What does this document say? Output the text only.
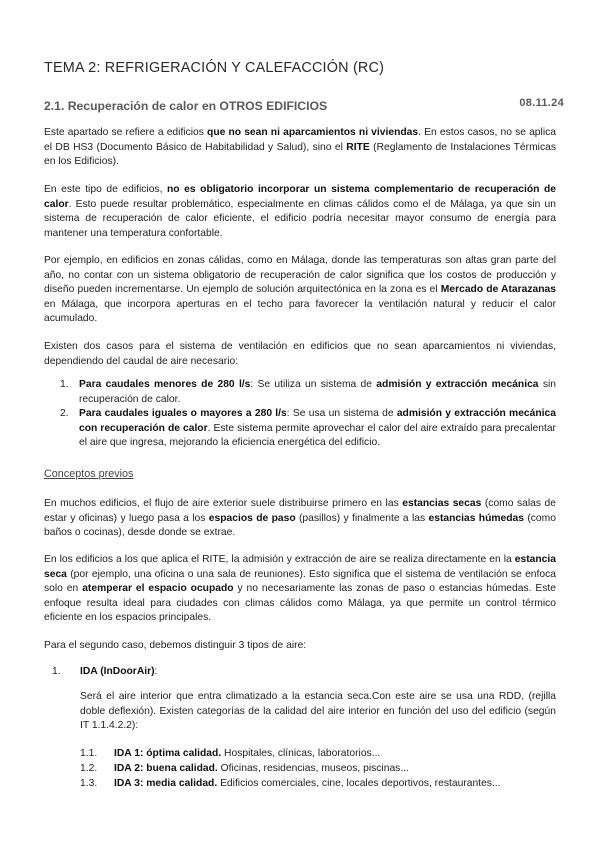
TEMA 2: REFRIGERACIÓN Y CALEFACCIÓN (RC)
2.1. Recuperación de calor en OTROS EDIFICIOS	08.11.24

Este apartado se refiere a edificios que no sean ni aparcamientos ni viviendas. En estos casos, no se aplica el DB HS3 (Documento Básico de Habitabilidad y Salud), sino el RITE (Reglamento de Instalaciones Térmicas en los Edificios).

En este tipo de edificios, no es obligatorio incorporar un sistema complementario de recuperación de calor. Esto puede resultar problemático, especialmente en climas cálidos como el de Málaga, ya que sin un sistema de recuperación de calor eficiente, el edificio podría necesitar mayor consumo de energía para mantener una temperatura confortable.

Por ejemplo, en edificios en zonas cálidas, como en Málaga, donde las temperaturas son altas gran parte del año, no contar con un sistema obligatorio de recuperación de calor significa que los costos de producción y diseño pueden incrementarse. Un ejemplo de solución arquitectónica en la zona es el Mercado de Atarazanas en Málaga, que incorpora aperturas en el techo para favorecer la ventilación natural y reducir el calor acumulado.

Existen dos casos para el sistema de ventilación en edificios que no sean aparcamientos ni viviendas, dependiendo del caudal de aire necesario:

1. Para caudales menores de 280 l/s: Se utiliza un sistema de admisión y extracción mecánica sin recuperación de calor.

2. Para caudales iguales o mayores a 280 l/s: Se usa un sistema de admisión y extracción mecánica con recuperación de calor. Este sistema permite aprovechar el calor del aire extraído para precalentar el aire que ingresa, mejorando la eficiencia energética del edificio.

Conceptos previos

En muchos edificios, el flujo de aire exterior suele distribuirse primero en las estancias secas (como salas de estar y oficinas) y luego pasa a los espacios de paso (pasillos) y finalmente a las estancias húmedas (como baños o cocinas), desde donde se extrae.

En los edificios a los que aplica el RITE, la admisión y extracción de aire se realiza directamente en la estancia seca (por ejemplo, una oficina o una sala de reuniones). Esto significa que el sistema de ventilación se enfoca solo en atemperar el espacio ocupado y no necesariamente las zonas de paso o estancias húmedas. Este enfoque resulta ideal para ciudades con climas cálidos como Málaga, ya que permite un control térmico eficiente en los espacios principales.

Para el segundo caso, debemos distinguir 3 tipos de aire:

1. IDA (InDoorAir):

Será el aire interior que entra climatizado a la estancia seca.Con este aire se usa una RDD, (rejilla doble deflexión). Existen categorías de la calidad del aire interior en función del uso del edificio (según IT 1.1.4.2.2):

1.1. IDA 1: óptima calidad. Hospitales, clínicas, laboratorios...
1.2. IDA 2: buena calidad. Oficinas, residencias, museos, piscinas...
1.3. IDA 3: media calidad. Edificios comerciales, cine, locales deportivos, restaurantes...
